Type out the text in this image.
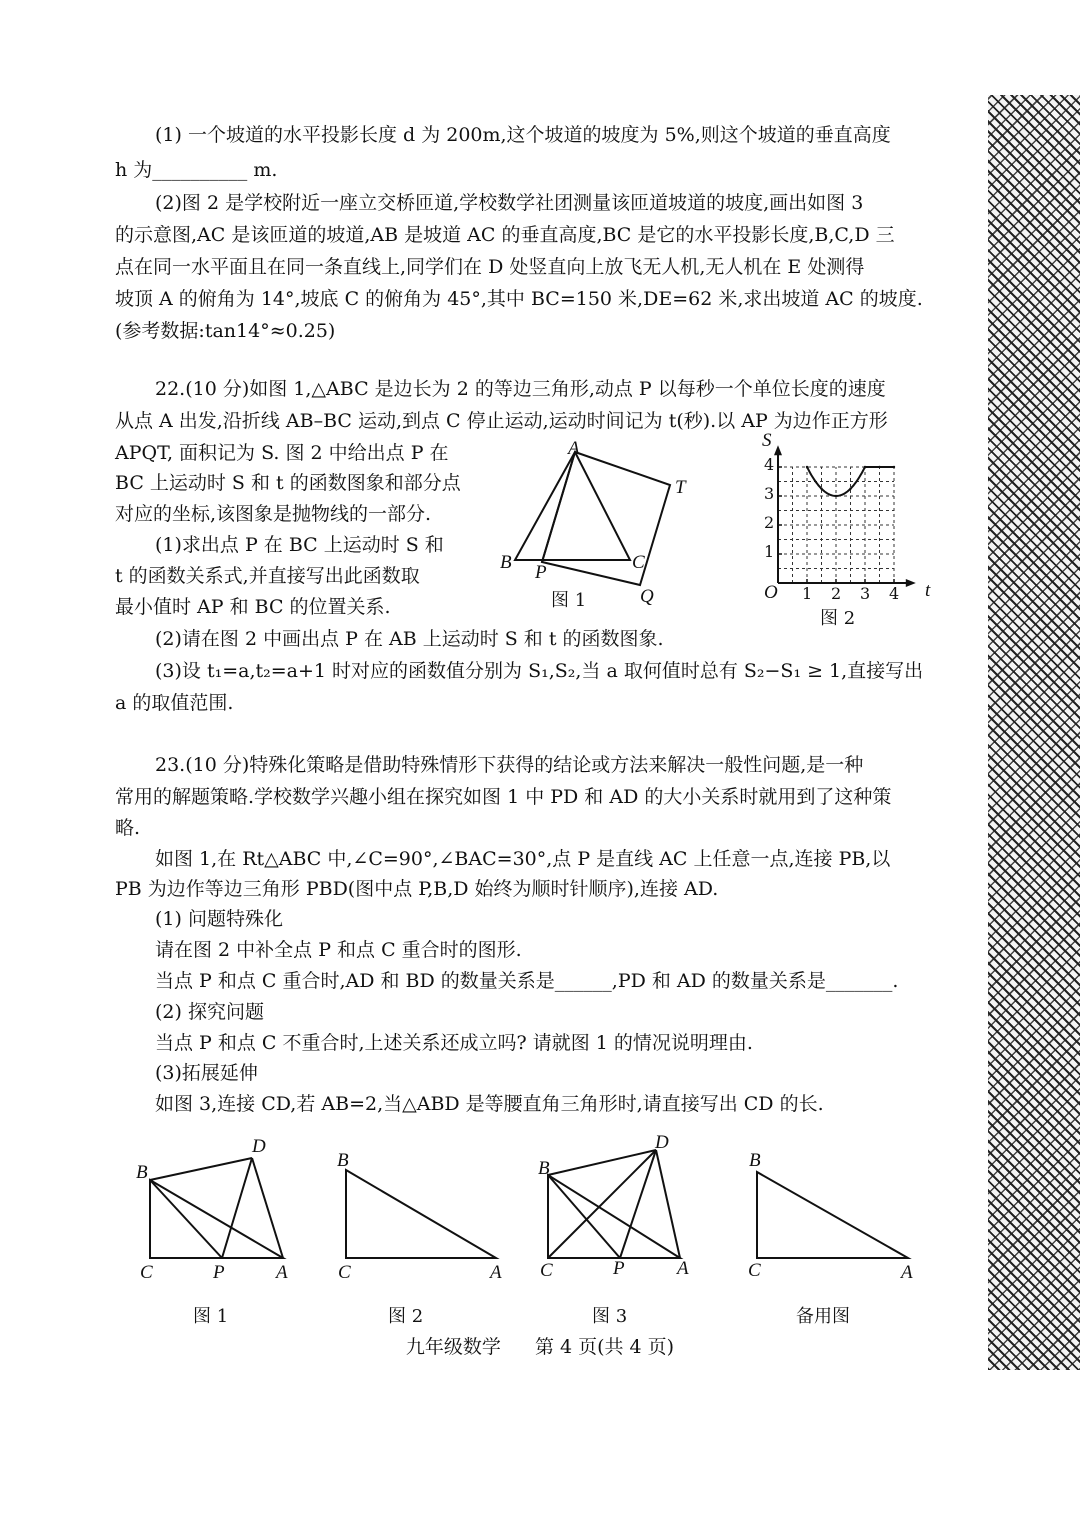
(1) 一个坡道的水平投影长度 d 为 200m,这个坡道的坡度为 5%,则这个坡道的垂直高度
h 为__________ m.
(2)图 2 是学校附近一座立交桥匝道,学校数学社团测量该匝道坡道的坡度,画出如图 3
的示意图,AC 是该匝道的坡道,AB 是坡道 AC 的垂直高度,BC 是它的水平投影长度,B,C,D 三
点在同一水平面且在同一条直线上,同学们在 D 处竖直向上放飞无人机,无人机在 E 处测得
坡顶 A 的俯角为 14°,坡底 C 的俯角为 45°,其中 BC=150 米,DE=62 米,求出坡道 AC 的坡度.
(参考数据:tan14°≈0.25)
22.(10 分)如图 1,△ABC 是边长为 2 的等边三角形,动点 P 以每秒一个单位长度的速度
从点 A 出发,沿折线 AB–BC 运动,到点 C 停止运动,运动时间记为 t(秒).以 AP 为边作正方形
APQT, 面积记为 S. 图 2 中给出点 P 在
BC 上运动时 S 和 t 的函数图象和部分点
对应的坐标,该图象是抛物线的一部分.
(1)求出点 P 在 BC 上运动时 S 和
t 的函数关系式,并直接写出此函数取
最小值时 AP 和 BC 的位置关系.
(2)请在图 2 中画出点 P 在 AB 上运动时 S 和 t 的函数图象.
(3)设 t₁=a,t₂=a+1 时对应的函数值分别为 S₁,S₂,当 a 取何值时总有 S₂−S₁ ≥ 1,直接写出
a 的取值范围.
A
B	C
P
Q
T
图 1
S
t
O
1
2
3
4
1 2 3 4
图 2
23.(10 分)特殊化策略是借助特殊情形下获得的结论或方法来解决一般性问题,是一种
常用的解题策略.学校数学兴趣小组在探究如图 1 中 PD 和 AD 的大小关系时就用到了这种策
略.
如图 1,在 Rt△ABC 中,∠C=90°,∠BAC=30°,点 P 是直线 AC 上任意一点,连接 PB,以
PB 为边作等边三角形 PBD(图中点 P,B,D 始终为顺时针顺序),连接 AD.
(1) 问题特殊化
请在图 2 中补全点 P 和点 C 重合时的图形.
当点 P 和点 C 重合时,AD 和 BD 的数量关系是______,PD 和 AD 的数量关系是_______.
(2) 探究问题
当点 P 和点 C 不重合时,上述关系还成立吗? 请就图 1 的情况说明理由.
(3)拓展延伸
如图 3,连接 CD,若 AB=2,当△ABD 是等腰直角三角形时,请直接写出 CD 的长.
B
D
C	P	A
图 1
B
C	A
图 2
B
D
C	P	A
图 3
B
C	A
备用图
九年级数学 第 4 页(共 4 页)
